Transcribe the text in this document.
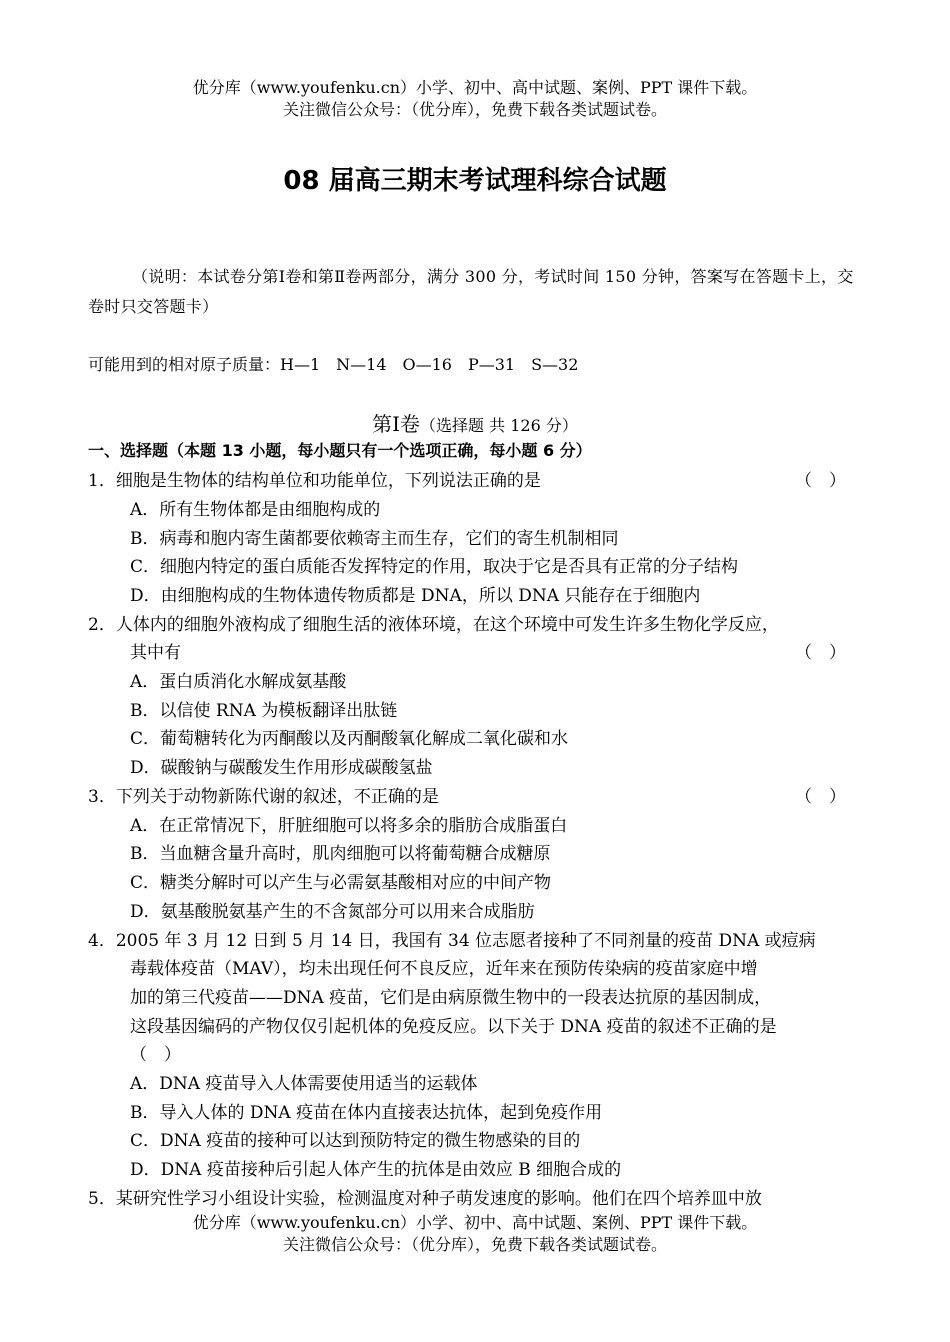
优分库（www.youfenku.cn）小学、初中、高中试题、案例、PPT 课件下载。
关注微信公众号：（优分库），免费下载各类试题试卷。
08 届高三期末考试理科综合试题
（说明：本试卷分第Ⅰ卷和第Ⅱ卷两部分，满分 300 分，考试时间 150 分钟，答案写在答题卡上，交卷时只交答题卡）
可能用到的相对原子质量：H—1　N—14　O—16　P—31　S—32
第Ⅰ卷（选择题 共 126 分）
一、选择题（本题 13 小题，每小题只有一个选项正确，每小题 6 分）
1．细胞是生物体的结构单位和功能单位，下列说法正确的是	（　）
A．所有生物体都是由细胞构成的
B．病毒和胞内寄生菌都要依赖寄主而生存，它们的寄生机制相同
C．细胞内特定的蛋白质能否发挥特定的作用，取决于它是否具有正常的分子结构
D．由细胞构成的生物体遗传物质都是 DNA，所以 DNA 只能存在于细胞内
2．人体内的细胞外液构成了细胞生活的液体环境，在这个环境中可发生许多生物化学反应，
其中有	（　）
A．蛋白质消化水解成氨基酸
B．以信使 RNA 为模板翻译出肽链
C．葡萄糖转化为丙酮酸以及丙酮酸氧化解成二氧化碳和水
D．碳酸钠与碳酸发生作用形成碳酸氢盐
3．下列关于动物新陈代谢的叙述，不正确的是	（　）
A．在正常情况下，肝脏细胞可以将多余的脂肪合成脂蛋白
B．当血糖含量升高时，肌肉细胞可以将葡萄糖合成糖原
C．糖类分解时可以产生与必需氨基酸相对应的中间产物
D．氨基酸脱氨基产生的不含氮部分可以用来合成脂肪
4．2005 年 3 月 12 日到 5 月 14 日，我国有 34 位志愿者接种了不同剂量的疫苗 DNA 或痘病
毒载体疫苗（MAV），均未出现任何不良反应，近年来在预防传染病的疫苗家庭中增
加的第三代疫苗——DNA 疫苗，它们是由病原微生物中的一段表达抗原的基因制成，
这段基因编码的产物仅仅引起机体的免疫反应。以下关于 DNA 疫苗的叙述不正确的是
（　）
A．DNA 疫苗导入人体需要使用适当的运载体
B．导入人体的 DNA 疫苗在体内直接表达抗体，起到免疫作用
C．DNA 疫苗的接种可以达到预防特定的微生物感染的目的
D．DNA 疫苗接种后引起人体产生的抗体是由效应 B 细胞合成的
5．某研究性学习小组设计实验，检测温度对种子萌发速度的影响。他们在四个培养皿中放
优分库（www.youfenku.cn）小学、初中、高中试题、案例、PPT 课件下载。
关注微信公众号：（优分库），免费下载各类试题试卷。
